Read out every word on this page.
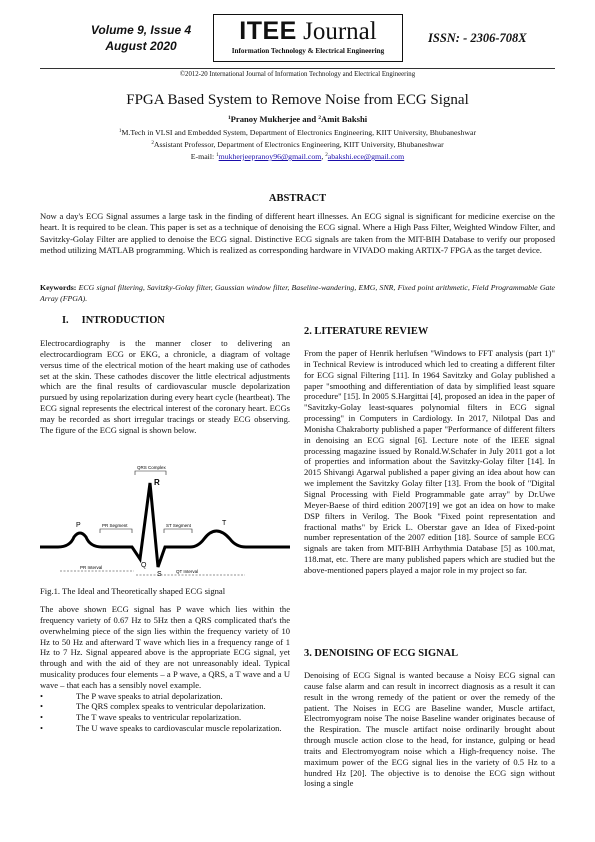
Volume 9, Issue 4
August 2020
ITEE Journal
Information Technology & Electrical Engineering
ISSN: - 2306-708X
©2012-20 International Journal of Information Technology and Electrical Engineering
FPGA Based System to Remove Noise from ECG Signal
$^1$Pranoy Mukherjee and $^2$Amit Bakshi
$^1$M.Tech in VLSI and Embedded System, Department of Electronics Engineering, KIIT University, Bhubaneshwar
$^2$Assistant Professor, Department of Electronics Engineering, KIIT University, Bhubaneshwar
E-mail: $^1$mukherjeepranoy96@gmail.com, $^2$abakshi.ece@gmail.com
ABSTRACT

Now a day's ECG Signal assumes a large task in the finding of different heart illnesses. An ECG signal is significant for medicine exercise on the heart. It is required to be clean. This paper is set as a technique of denoising the ECG signal. Where a High Pass Filter, Weighted Window Filter, and Savitzky-Golay Filter are applied to denoise the ECG signal. Distinctive ECG signals are taken from the MIT-BIH Database to verify our proposed method utilizing MATLAB programming. Which is realized as corresponding hardware in VIVADO making ARTIX-7 FPGA as the target device.

Keywords: ECG signal filtering, Savitzky-Golay filter, Gaussian window filter, Baseline-wandering, EMG, SNR, Fixed point arithmetic, Field Programmable Gate Array (FPGA).

I. INTRODUCTION

Electrocardiography is the manner closer to delivering an electrocardiogram ECG or EKG, a chronicle, a diagram of voltage versus time of the electrical motion of the heart making use of cathodes set at the skin. These cathodes discover the little electrical adjustments which are the final results of cardiovascular muscle depolarization pursued by using repolarization during every heart cycle (heartbeat). The ECG signal represents the electrical interest of the coronary heart. ECGs may be recorded as short irregular tracings or steady ECG observing. The figure of the ECG signal is shown below.

R
P
Q
S
T
QRS Complex
PR Segment	ST Segment
PR Interval
QT Interval
Fig.1. The Ideal and Theoretically shaped ECG signal

The above shown ECG signal has P wave which lies within the frequency variety of 0.67 Hz to 5Hz then a QRS complicated that's the overwhelming piece of the sign lies within the frequency variety of 10 Hz to 50 Hz and afterward T wave which lies in a frequency range of 1 Hz to 7 Hz. Signal appeared above is the appropriate ECG signal, yet through and with the aid of they are not unreasonably ideal. Typical musicality produces four elements – a P wave, a QRS, a T wave and a U wave – that each has a sensibly novel example.

• The P wave speaks to atrial depolarization.
• The QRS complex speaks to ventricular depolarization.
• The T wave speaks to ventricular repolarization.
• The U wave speaks to cardiovascular muscle repolarization.
2. LITERATURE REVIEW

From the paper of Henrik herlufsen "Windows to FFT analysis (part 1)" in Technical Review is introduced which led to creating a different filter for ECG signal Filtering [11]. In 1964 Savitzky and Golay published a paper "smoothing and differentiation of data by simplified least square procedure" [15]. In 2005 S.Hargittai [4], proposed an idea in the paper of "Savitzky-Golay least-squares polynomial filters in ECG signal processing" in Computers in Cardiology. In 2017, Nilotpal Das and Monisha Chakraborty published a paper "Performance of different filters in denoising an ECG signal [6]. Lecture note of the IEEE signal processing magazine issued by Ronald.W.Schafer in July 2011 got a lot of properties and information about the Savitzky-Golay filter [14]. In 2015 Shivangi Agarwal published a paper giving an idea about how can we implement the Savitzky Golay filter [13]. From the book of "Digital Signal Processing with Field Programmable gate array" by Dr.Uwe Meyer-Baese of third edition 2007[19] we got an idea on how to make DSP filters in Verilog. The Book "Fixed point representation and fractional maths" by Erick L. Oberstar gave an Idea of Fixed-point number representation of the 2007 edition [18]. Source of sample ECG signals are taken from MIT-BIH Arrhythmia Database [5] as 100.mat, 118.mat, etc. There are many published papers which are studied but the above-mentioned papers played a major role in my project so far.

3. DENOISING OF ECG SIGNAL

Denoising of ECG Signal is wanted because a Noisy ECG signal can cause false alarm and can result in incorrect diagnosis as a result it can result in the wrong remedy of the patient or over the remedy of the patient. The Noises in ECG are Baseline wander, Muscle artifact, Electromyogram noise The noise Baseline wander originates because of the Respiration. The muscle artifact noise ordinarily brought about through muscle action close to the head, for instance, gulping or head traits and Electromyogram noise which a High-frequency noise. The maximum power of the ECG signal lies in the variety of 0.5 Hz to a hundred Hz [20]. The objective is to denoise the ECG sign without losing a single
